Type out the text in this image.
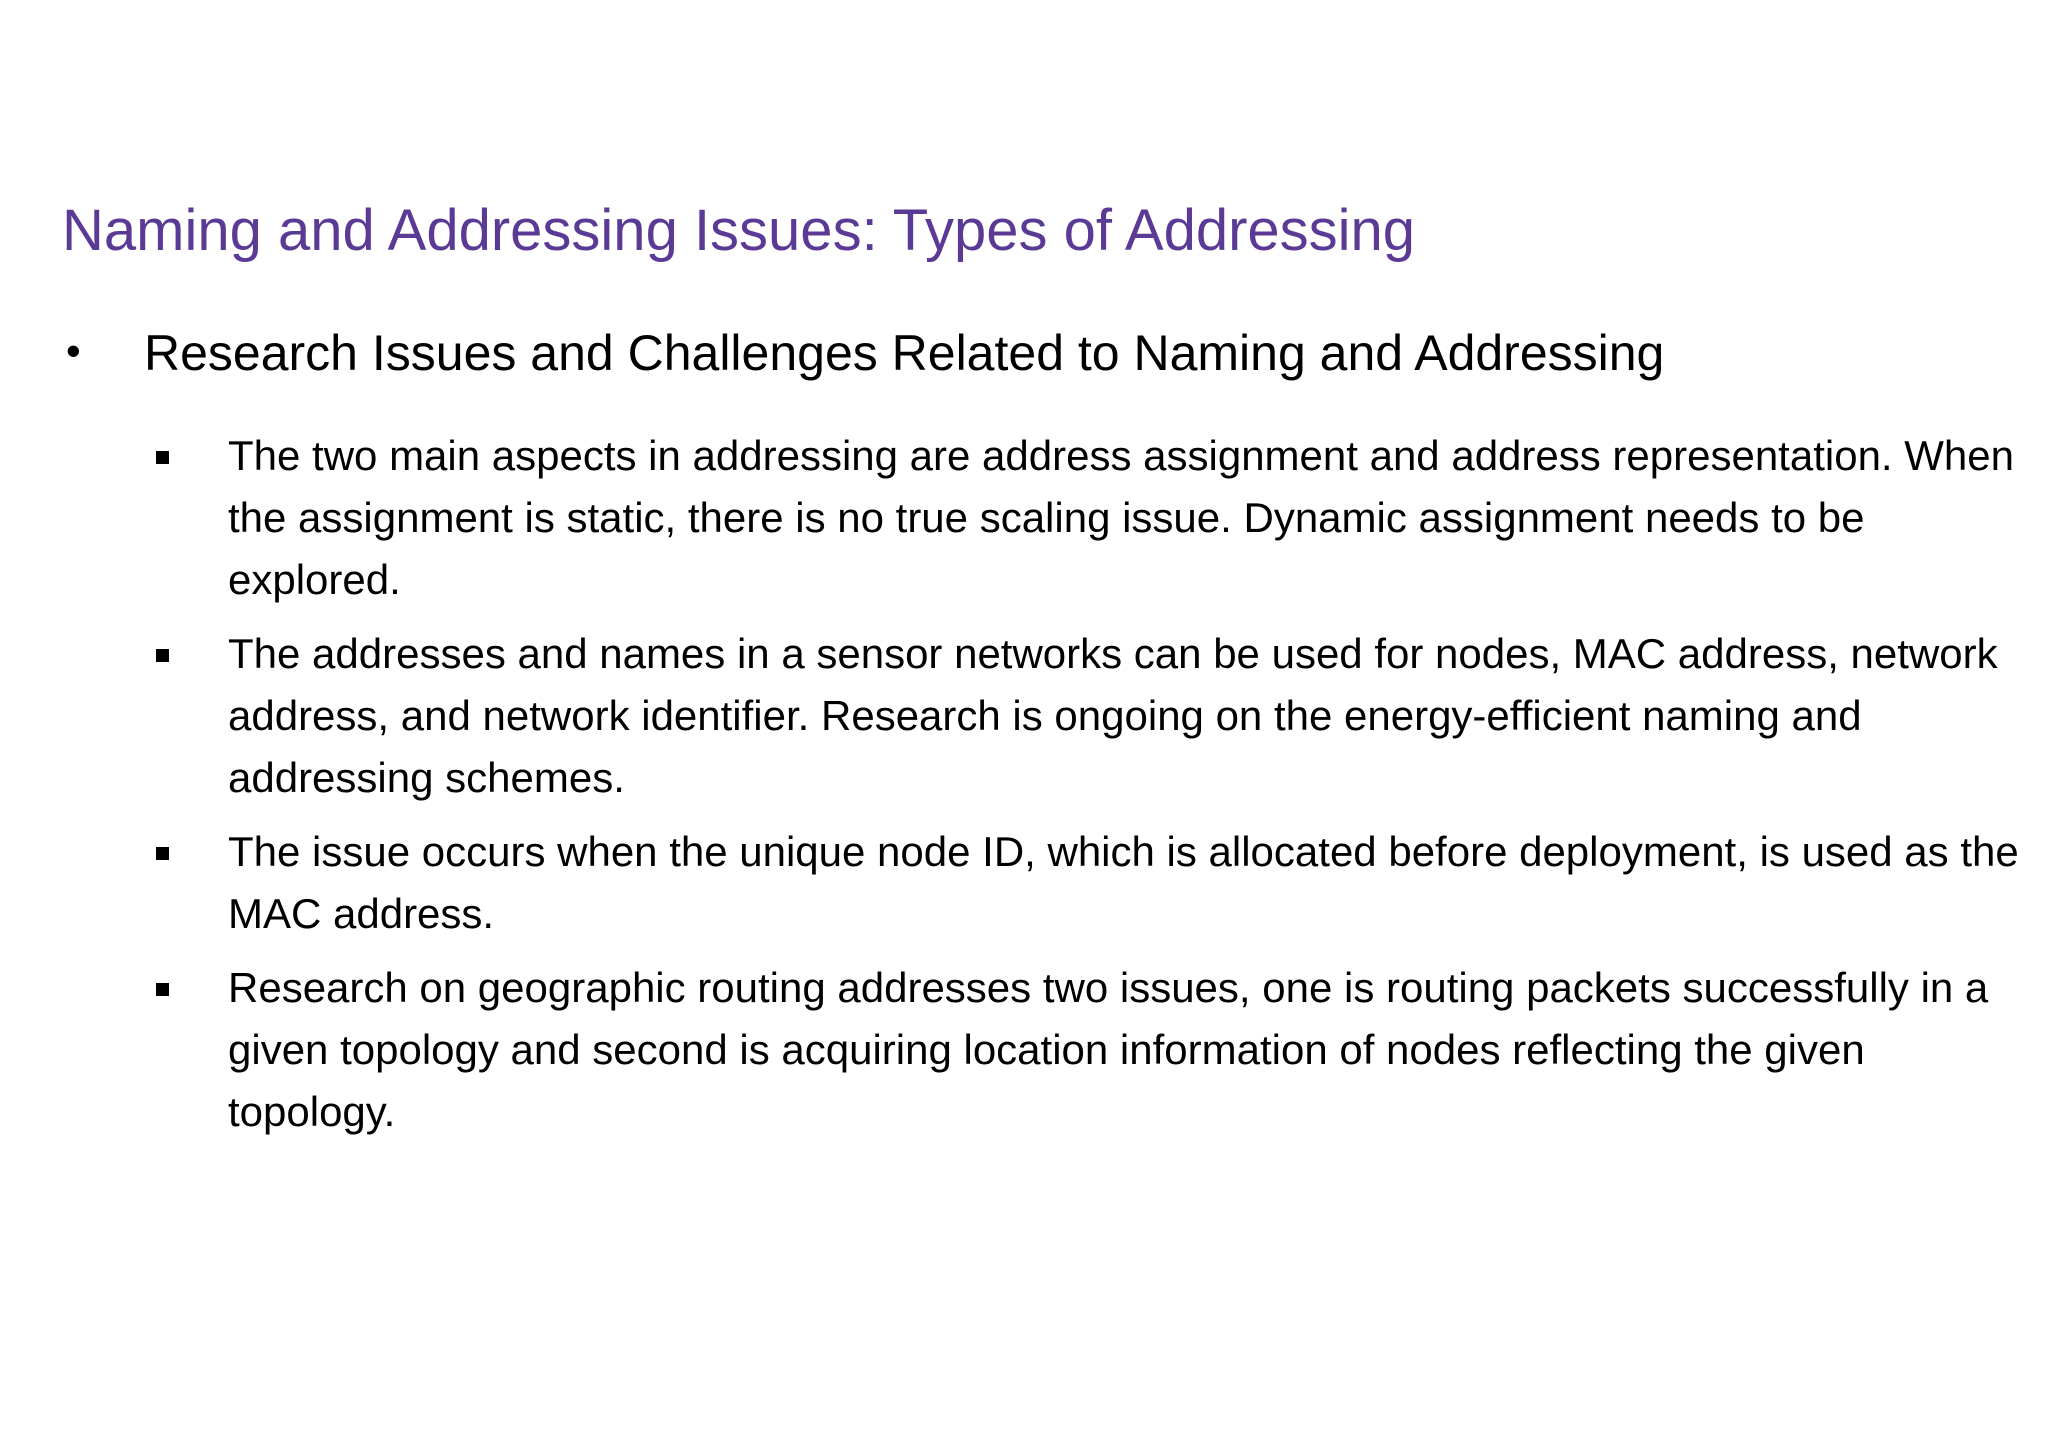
Naming and Addressing Issues: Types of Addressing
• Research Issues and Challenges Related to Naming and Addressing
The two main aspects in addressing are address assignment and address representation. When the assignment is static, there is no true scaling issue. Dynamic assignment needs to be explored.
The addresses and names in a sensor networks can be used for nodes, MAC address, network address, and network identifier. Research is ongoing on the energy-efficient naming and addressing schemes.
The issue occurs when the unique node ID, which is allocated before deployment, is used as the MAC address.
Research on geographic routing addresses two issues, one is routing packets successfully in a given topology and second is acquiring location information of nodes reflecting the given topology.
